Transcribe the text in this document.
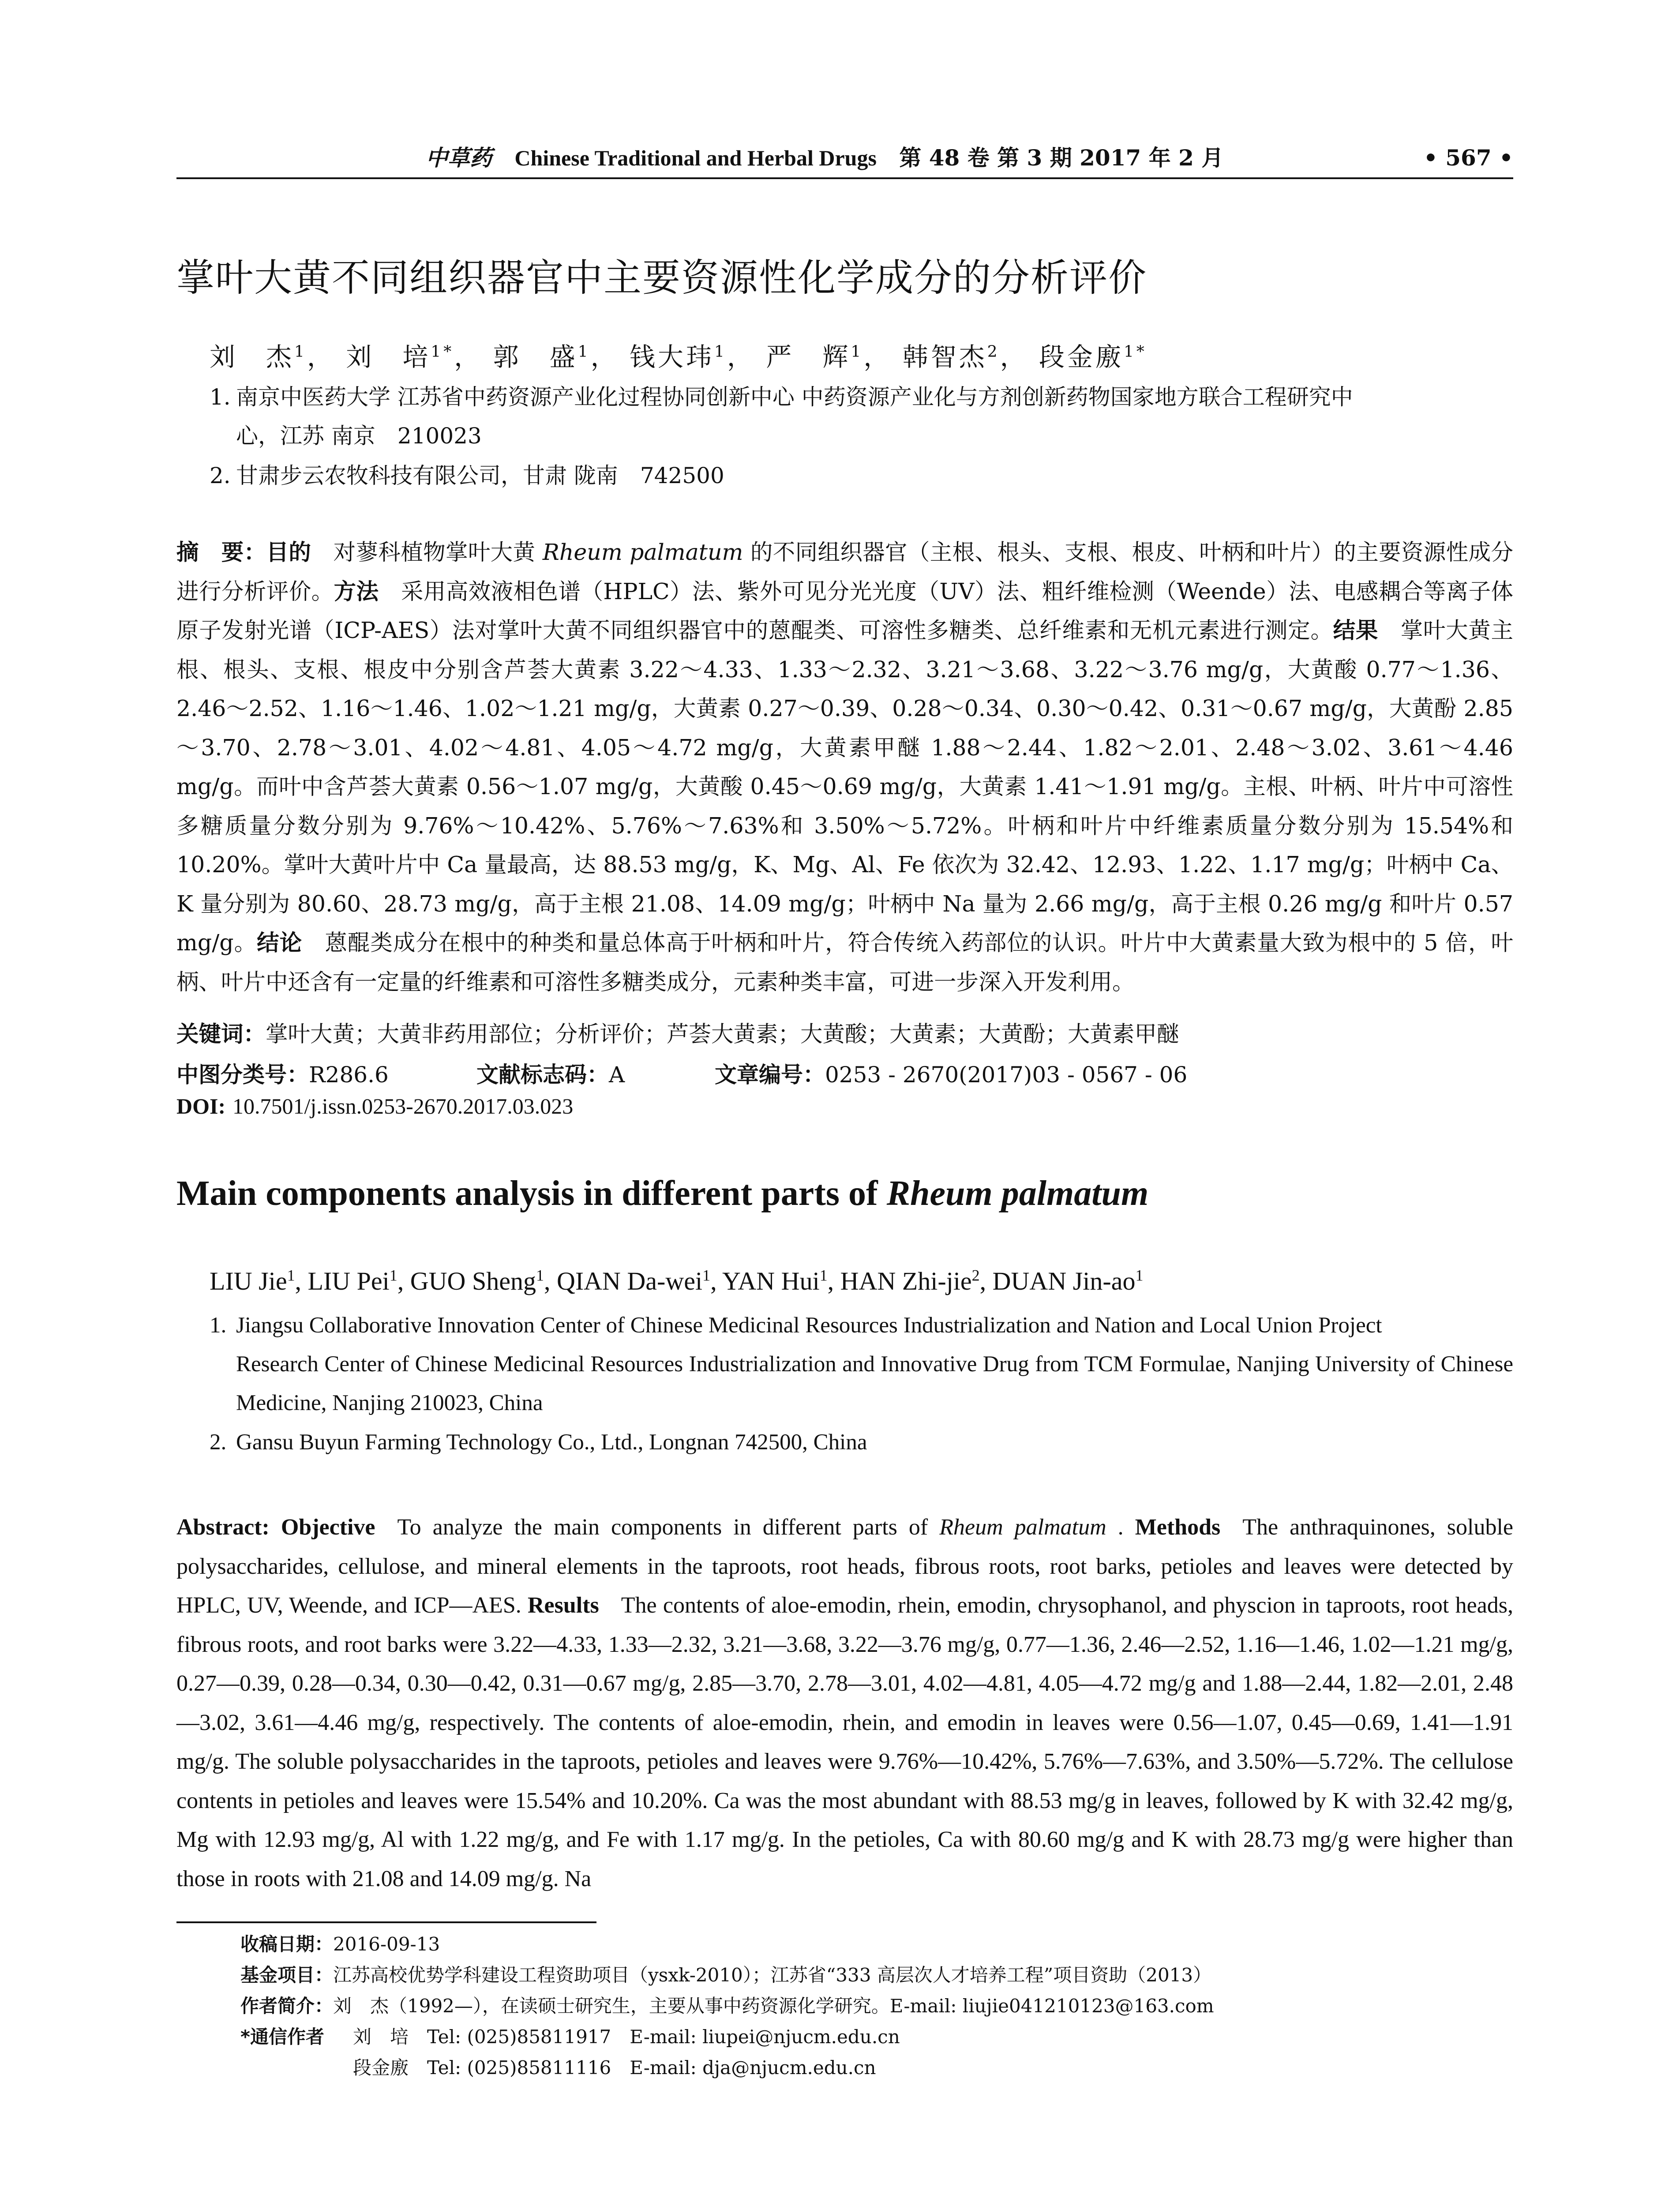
中草药 Chinese Traditional and Herbal Drugs 第 48 卷 第 3 期 2017 年 2 月	• 567 •
掌叶大黄不同组织器官中主要资源性化学成分的分析评价
刘　杰$^1$， 刘　培$^{1*}$， 郭　盛$^1$， 钱大玮$^1$， 严　辉$^1$， 韩智杰$^2$， 段金廒$^{1*}$
1. 南京中医药大学 江苏省中药资源产业化过程协同创新中心 中药资源产业化与方剂创新药物国家地方联合工程研究中
心，江苏 南京　210023
2. 甘肃步云农牧科技有限公司，甘肃 陇南　742500
摘　要：目的 对蓼科植物掌叶大黄 Rheum palmatum 的不同组织器官（主根、根头、支根、根皮、叶柄和叶片）的主要资源性成分进行分析评价。方法 采用高效液相色谱（HPLC）法、紫外可见分光光度（UV）法、粗纤维检测（Weende）法、电感耦合等离子体原子发射光谱（ICP-AES）法对掌叶大黄不同组织器官中的蒽醌类、可溶性多糖类、总纤维素和无机元素进行测定。结果 掌叶大黄主根、根头、支根、根皮中分别含芦荟大黄素 3.22～4.33、1.33～2.32、3.21～3.68、3.22～3.76 mg/g，大黄酸 0.77～1.36、2.46～2.52、1.16～1.46、1.02～1.21 mg/g，大黄素 0.27～0.39、0.28～0.34、0.30～0.42、0.31～0.67 mg/g，大黄酚 2.85～3.70、2.78～3.01、4.02～4.81、4.05～4.72 mg/g，大黄素甲醚 1.88～2.44、1.82～2.01、2.48～3.02、3.61～4.46 mg/g。而叶中含芦荟大黄素 0.56～1.07 mg/g，大黄酸 0.45～0.69 mg/g，大黄素 1.41～1.91 mg/g。主根、叶柄、叶片中可溶性多糖质量分数分别为 9.76%～10.42%、5.76%～7.63%和 3.50%～5.72%。叶柄和叶片中纤维素质量分数分别为 15.54%和 10.20%。掌叶大黄叶片中 Ca 量最高，达 88.53 mg/g，K、Mg、Al、Fe 依次为 32.42、12.93、1.22、1.17 mg/g；叶柄中 Ca、K 量分别为 80.60、28.73 mg/g，高于主根 21.08、14.09 mg/g；叶柄中 Na 量为 2.66 mg/g，高于主根 0.26 mg/g 和叶片 0.57 mg/g。结论 蒽醌类成分在根中的种类和量总体高于叶柄和叶片，符合传统入药部位的认识。叶片中大黄素量大致为根中的 5 倍，叶柄、叶片中还含有一定量的纤维素和可溶性多糖类成分，元素种类丰富，可进一步深入开发利用。
关键词：掌叶大黄；大黄非药用部位；分析评价；芦荟大黄素；大黄酸；大黄素；大黄酚；大黄素甲醚
中图分类号：R286.6	文献标志码：A	文章编号：0253 - 2670(2017)03 - 0567 - 06
DOI: 10.7501/j.issn.0253-2670.2017.03.023
Main components analysis in different parts of Rheum palmatum
LIU Jie$^1$, LIU Pei$^1$, GUO Sheng$^1$, QIAN Da-wei$^1$, YAN Hui$^1$, HAN Zhi-jie$^2$, DUAN Jin-$ao^1$
1. Jiangsu Collaborative Innovation Center of Chinese Medicinal Resources Industrialization and Nation and Local Union Project
Research Center of Chinese Medicinal Resources Industrialization and Innovative Drug from TCM Formulae, Nanjing University of Chinese Medicine, Nanjing 210023, China
2. Gansu Buyun Farming Technology Co., Ltd., Longnan 742500, China
Abstract: Objective To analyze the main components in different parts of Rheum palmatum . Methods The anthraquinones, soluble polysaccharides, cellulose, and mineral elements in the taproots, root heads, fibrous roots, root barks, petioles and leaves were detected by HPLC, UV, Weende, and ICP—AES. Results The contents of aloe-emodin, rhein, emodin, chrysophanol, and physcion in taproots, root heads, fibrous roots, and root barks were 3.22—4.33, 1.33—2.32, 3.21—3.68, 3.22—3.76 mg/g, 0.77—1.36, 2.46—2.52, 1.16—1.46, 1.02—1.21 mg/g, 0.27—0.39, 0.28—0.34, 0.30—0.42, 0.31—0.67 mg/g, 2.85—3.70, 2.78—3.01, 4.02—4.81, 4.05—4.72 mg/g and 1.88—2.44, 1.82—2.01, 2.48—3.02, 3.61—4.46 mg/g, respectively. The contents of aloe-emodin, rhein, and emodin in leaves were 0.56—1.07, 0.45—0.69, 1.41—1.91 mg/g. The soluble polysaccharides in the taproots, petioles and leaves were 9.76%—10.42%, 5.76%—7.63%, and 3.50%—5.72%. The cellulose contents in petioles and leaves were 15.54% and 10.20%. Ca was the most abundant with 88.53 mg/g in leaves, followed by K with 32.42 mg/g, Mg with 12.93 mg/g, Al with 1.22 mg/g, and Fe with 1.17 mg/g. In the petioles, Ca with 80.60 mg/g and K with 28.73 mg/g were higher than those in roots with 21.08 and 14.09 mg/g. Na
收稿日期：2016-09-13
基金项目：江苏高校优势学科建设工程资助项目（ysxk-2010）；江苏省“333 高层次人才培养工程”项目资助（2013）
作者简介：刘　杰（1992—），在读硕士研究生，主要从事中药资源化学研究。E-mail: liujie041210123@163.com
*通信作者 刘　培　Tel: (025)85811917　E-mail: liupei@njucm.edu.cn
段金廒　Tel: (025)85811116　E-mail: dja@njucm.edu.cn
